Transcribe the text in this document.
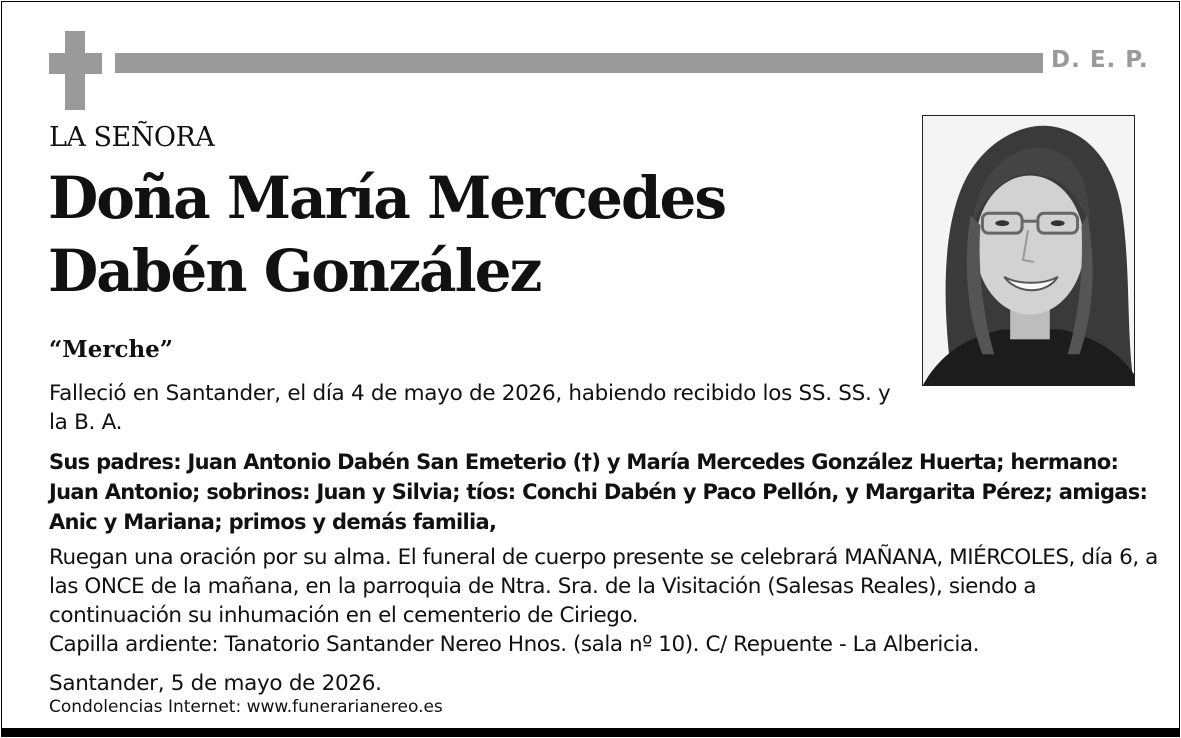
D. E. P.
LA SEÑORA
Doña María Mercedes
Dabén González
“Merche”
Falleció en Santander, el día 4 de mayo de 2026, habiendo recibido los SS. SS. y la B. A.
Sus padres: Juan Antonio Dabén San Emeterio (†) y María Mercedes González Huerta; hermano: Juan Antonio; sobrinos: Juan y Silvia; tíos: Conchi Dabén y Paco Pellón, y Margarita Pérez; amigas: Anic y Mariana; primos y demás familia,
Ruegan una oración por su alma. El funeral de cuerpo presente se celebrará MAÑANA, MIÉRCOLES, día 6, a las ONCE de la mañana, en la parroquia de Ntra. Sra. de la Visitación (Salesas Reales), siendo a continuación su inhumación en el cementerio de Ciriego.
Capilla ardiente: Tanatorio Santander Nereo Hnos. (sala nº 10). C/ Repuente - La Albericia.
Santander, 5 de mayo de 2026.
Condolencias Internet: www.funerarianereo.es
